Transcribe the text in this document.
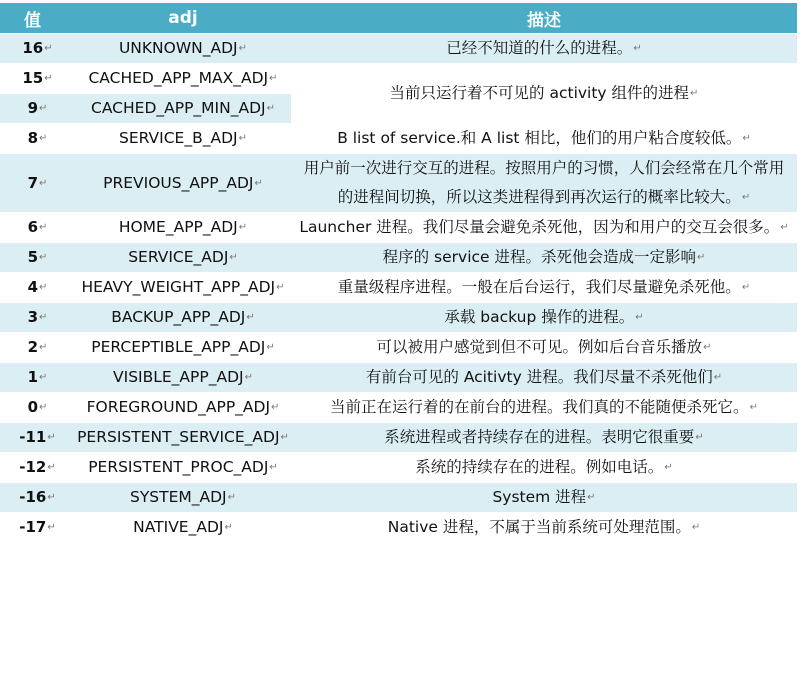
值	adj	描述
16↵	UNKNOWN_ADJ↵	已经不知道的什么的进程。↵
15↵	CACHED_APP_MAX_ADJ↵	当前只运行着不可见的 activity 组件的进程↵
9↵	CACHED_APP_MIN_ADJ↵	
8↵	SERVICE_B_ADJ↵	B list of service.和 A list 相比，他们的用户粘合度较低。↵
7↵	PREVIOUS_APP_ADJ↵	用户前一次进行交互的进程。按照用户的习惯，人们会经常在几个常用的进程间切换，所以这类进程得到再次运行的概率比较大。↵
6↵	HOME_APP_ADJ↵	Launcher 进程。我们尽量会避免杀死他，因为和用户的交互会很多。↵
5↵	SERVICE_ADJ↵	程序的 service 进程。杀死他会造成一定影响↵
4↵	HEAVY_WEIGHT_APP_ADJ↵	重量级程序进程。一般在后台运行，我们尽量避免杀死他。↵
3↵	BACKUP_APP_ADJ↵	承载 backup 操作的进程。↵
2↵	PERCEPTIBLE_APP_ADJ↵	可以被用户感觉到但不可见。例如后台音乐播放↵
1↵	VISIBLE_APP_ADJ↵	有前台可见的 Acitivty 进程。我们尽量不杀死他们↵
0↵	FOREGROUND_APP_ADJ↵	当前正在运行着的在前台的进程。我们真的不能随便杀死它。↵
-11↵	PERSISTENT_SERVICE_ADJ↵	系统进程或者持续存在的进程。表明它很重要↵
-12↵	PERSISTENT_PROC_ADJ↵	系统的持续存在的进程。例如电话。↵
-16↵	SYSTEM_ADJ↵	System 进程↵
-17↵	NATIVE_ADJ↵	Native 进程，不属于当前系统可处理范围。↵
